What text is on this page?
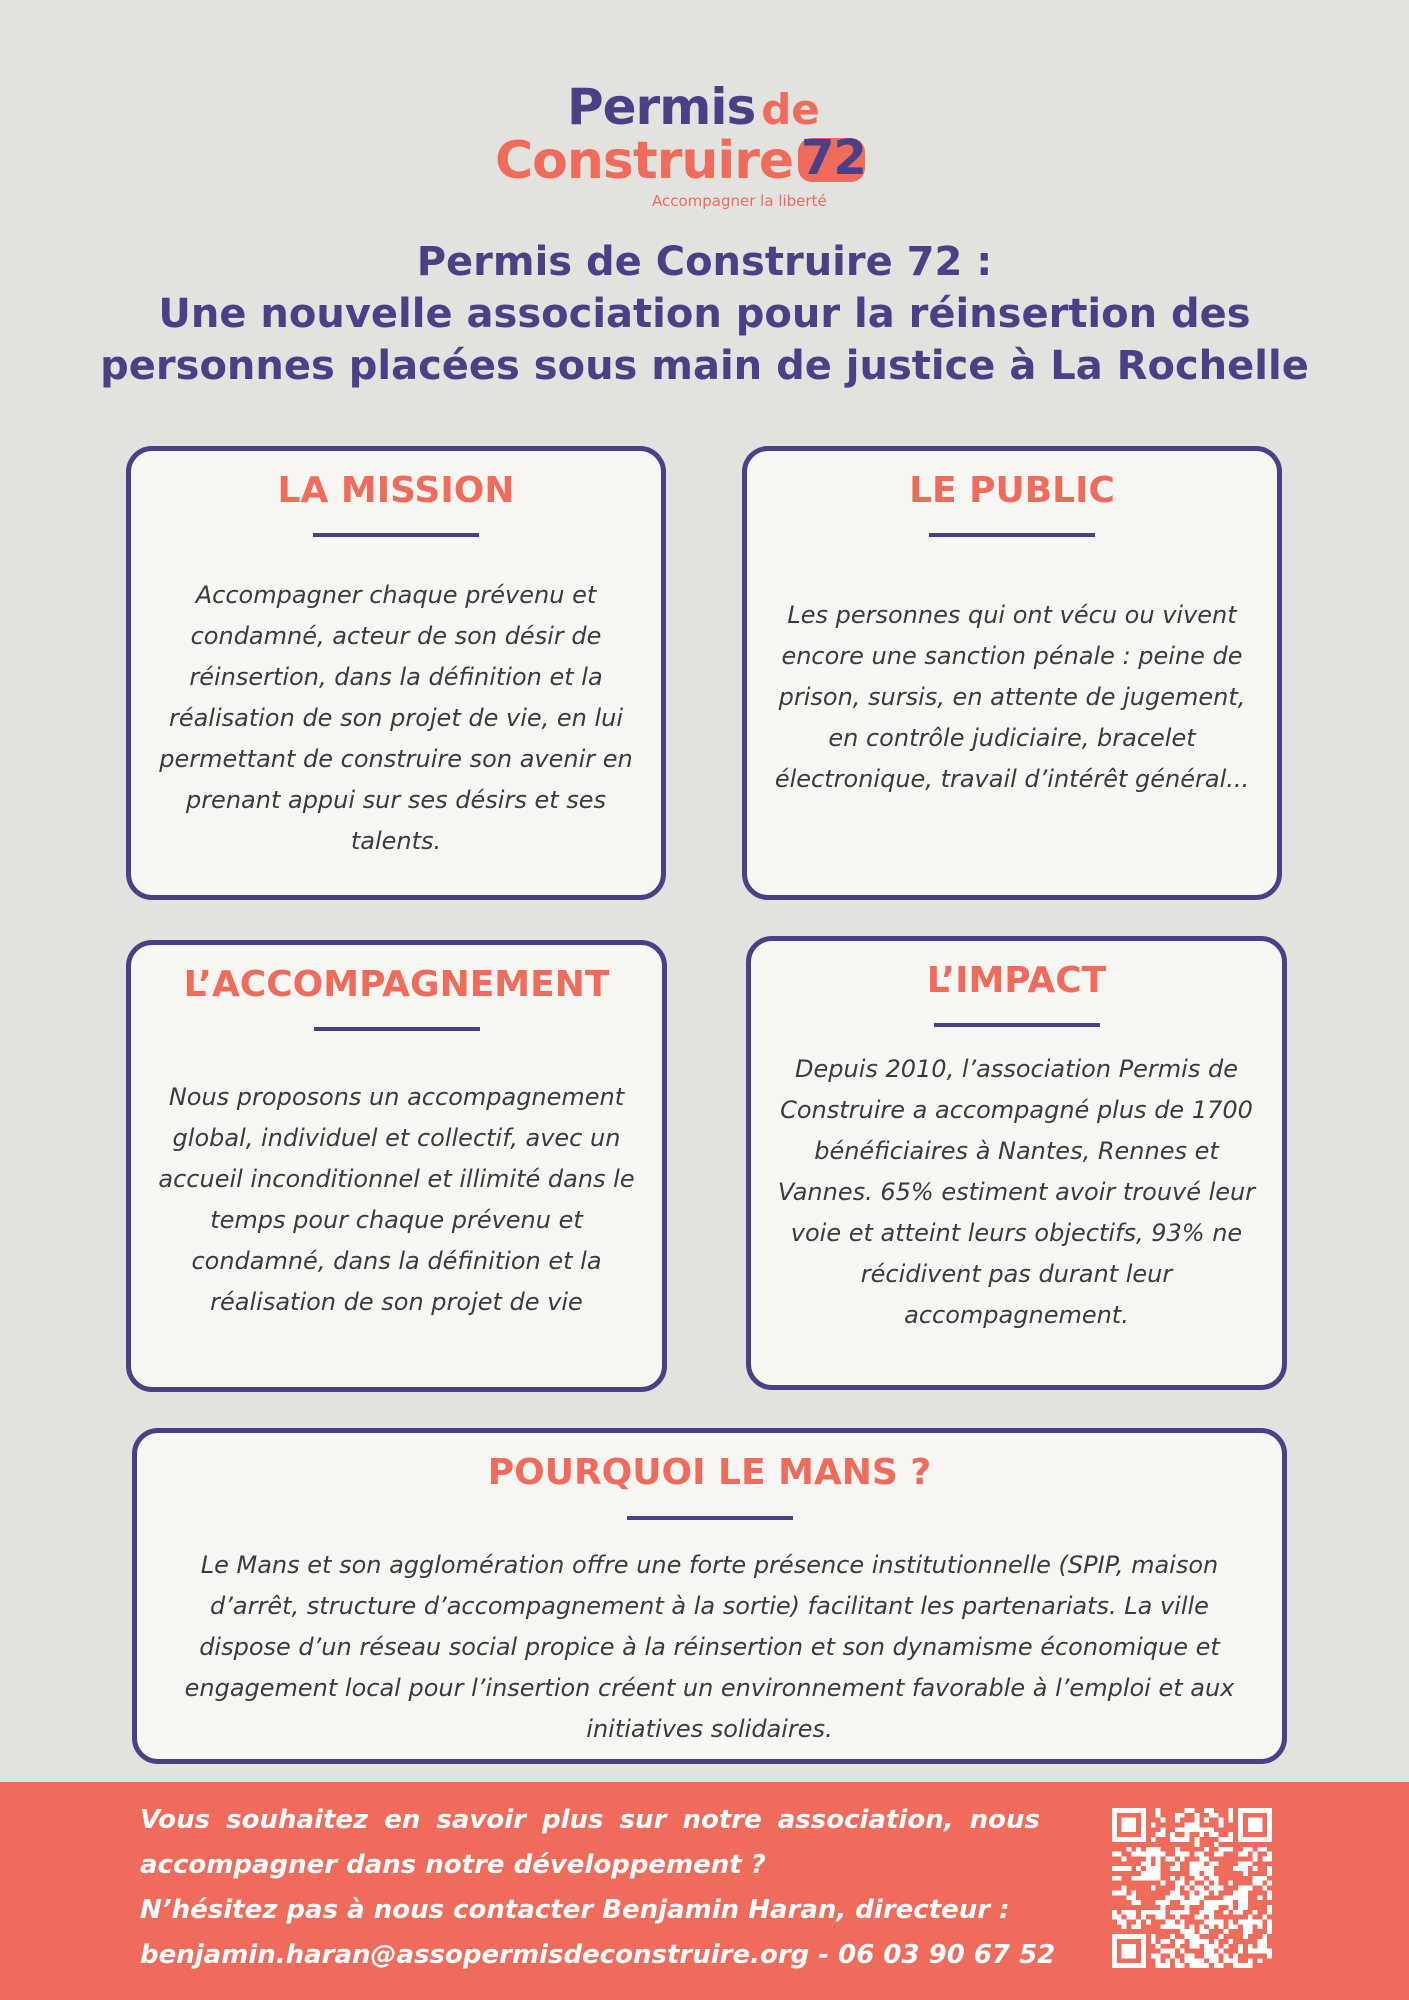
Permis de
Construire 72
Accompagner la liberté
Permis de Construire 72 :
Une nouvelle association pour la réinsertion des
personnes placées sous main de justice à La Rochelle
LA MISSION

Accompagner chaque prévenu et condamné, acteur de son désir de réinsertion, dans la définition et la réalisation de son projet de vie, en lui permettant de construire son avenir en prenant appui sur ses désirs et ses talents.

LE PUBLIC

Les personnes qui ont vécu ou vivent encore une sanction pénale : peine de prison, sursis, en attente de jugement, en contrôle judiciaire, bracelet électronique, travail d’intérêt général...

L’ACCOMPAGNEMENT

Nous proposons un accompagnement global, individuel et collectif, avec un accueil inconditionnel et illimité dans le temps pour chaque prévenu et condamné, dans la définition et la réalisation de son projet de vie

L’IMPACT

Depuis 2010, l’association Permis de Construire a accompagné plus de 1700 bénéficiaires à Nantes, Rennes et Vannes. 65% estiment avoir trouvé leur voie et atteint leurs objectifs, 93% ne récidivent pas durant leur accompagnement.

POURQUOI LE MANS ?

Le Mans et son agglomération offre une forte présence institutionnelle (SPIP, maison d’arrêt, structure d’accompagnement à la sortie) facilitant les partenariats. La ville dispose d’un réseau social propice à la réinsertion et son dynamisme économique et engagement local pour l’insertion créent un environnement favorable à l’emploi et aux initiatives solidaires.

Vous souhaitez en savoir plus sur notre association, nous
accompagner dans notre développement ?
N’hésitez pas à nous contacter Benjamin Haran, directeur :
benjamin.haran@assopermisdeconstruire.org - 06 03 90 67 52
